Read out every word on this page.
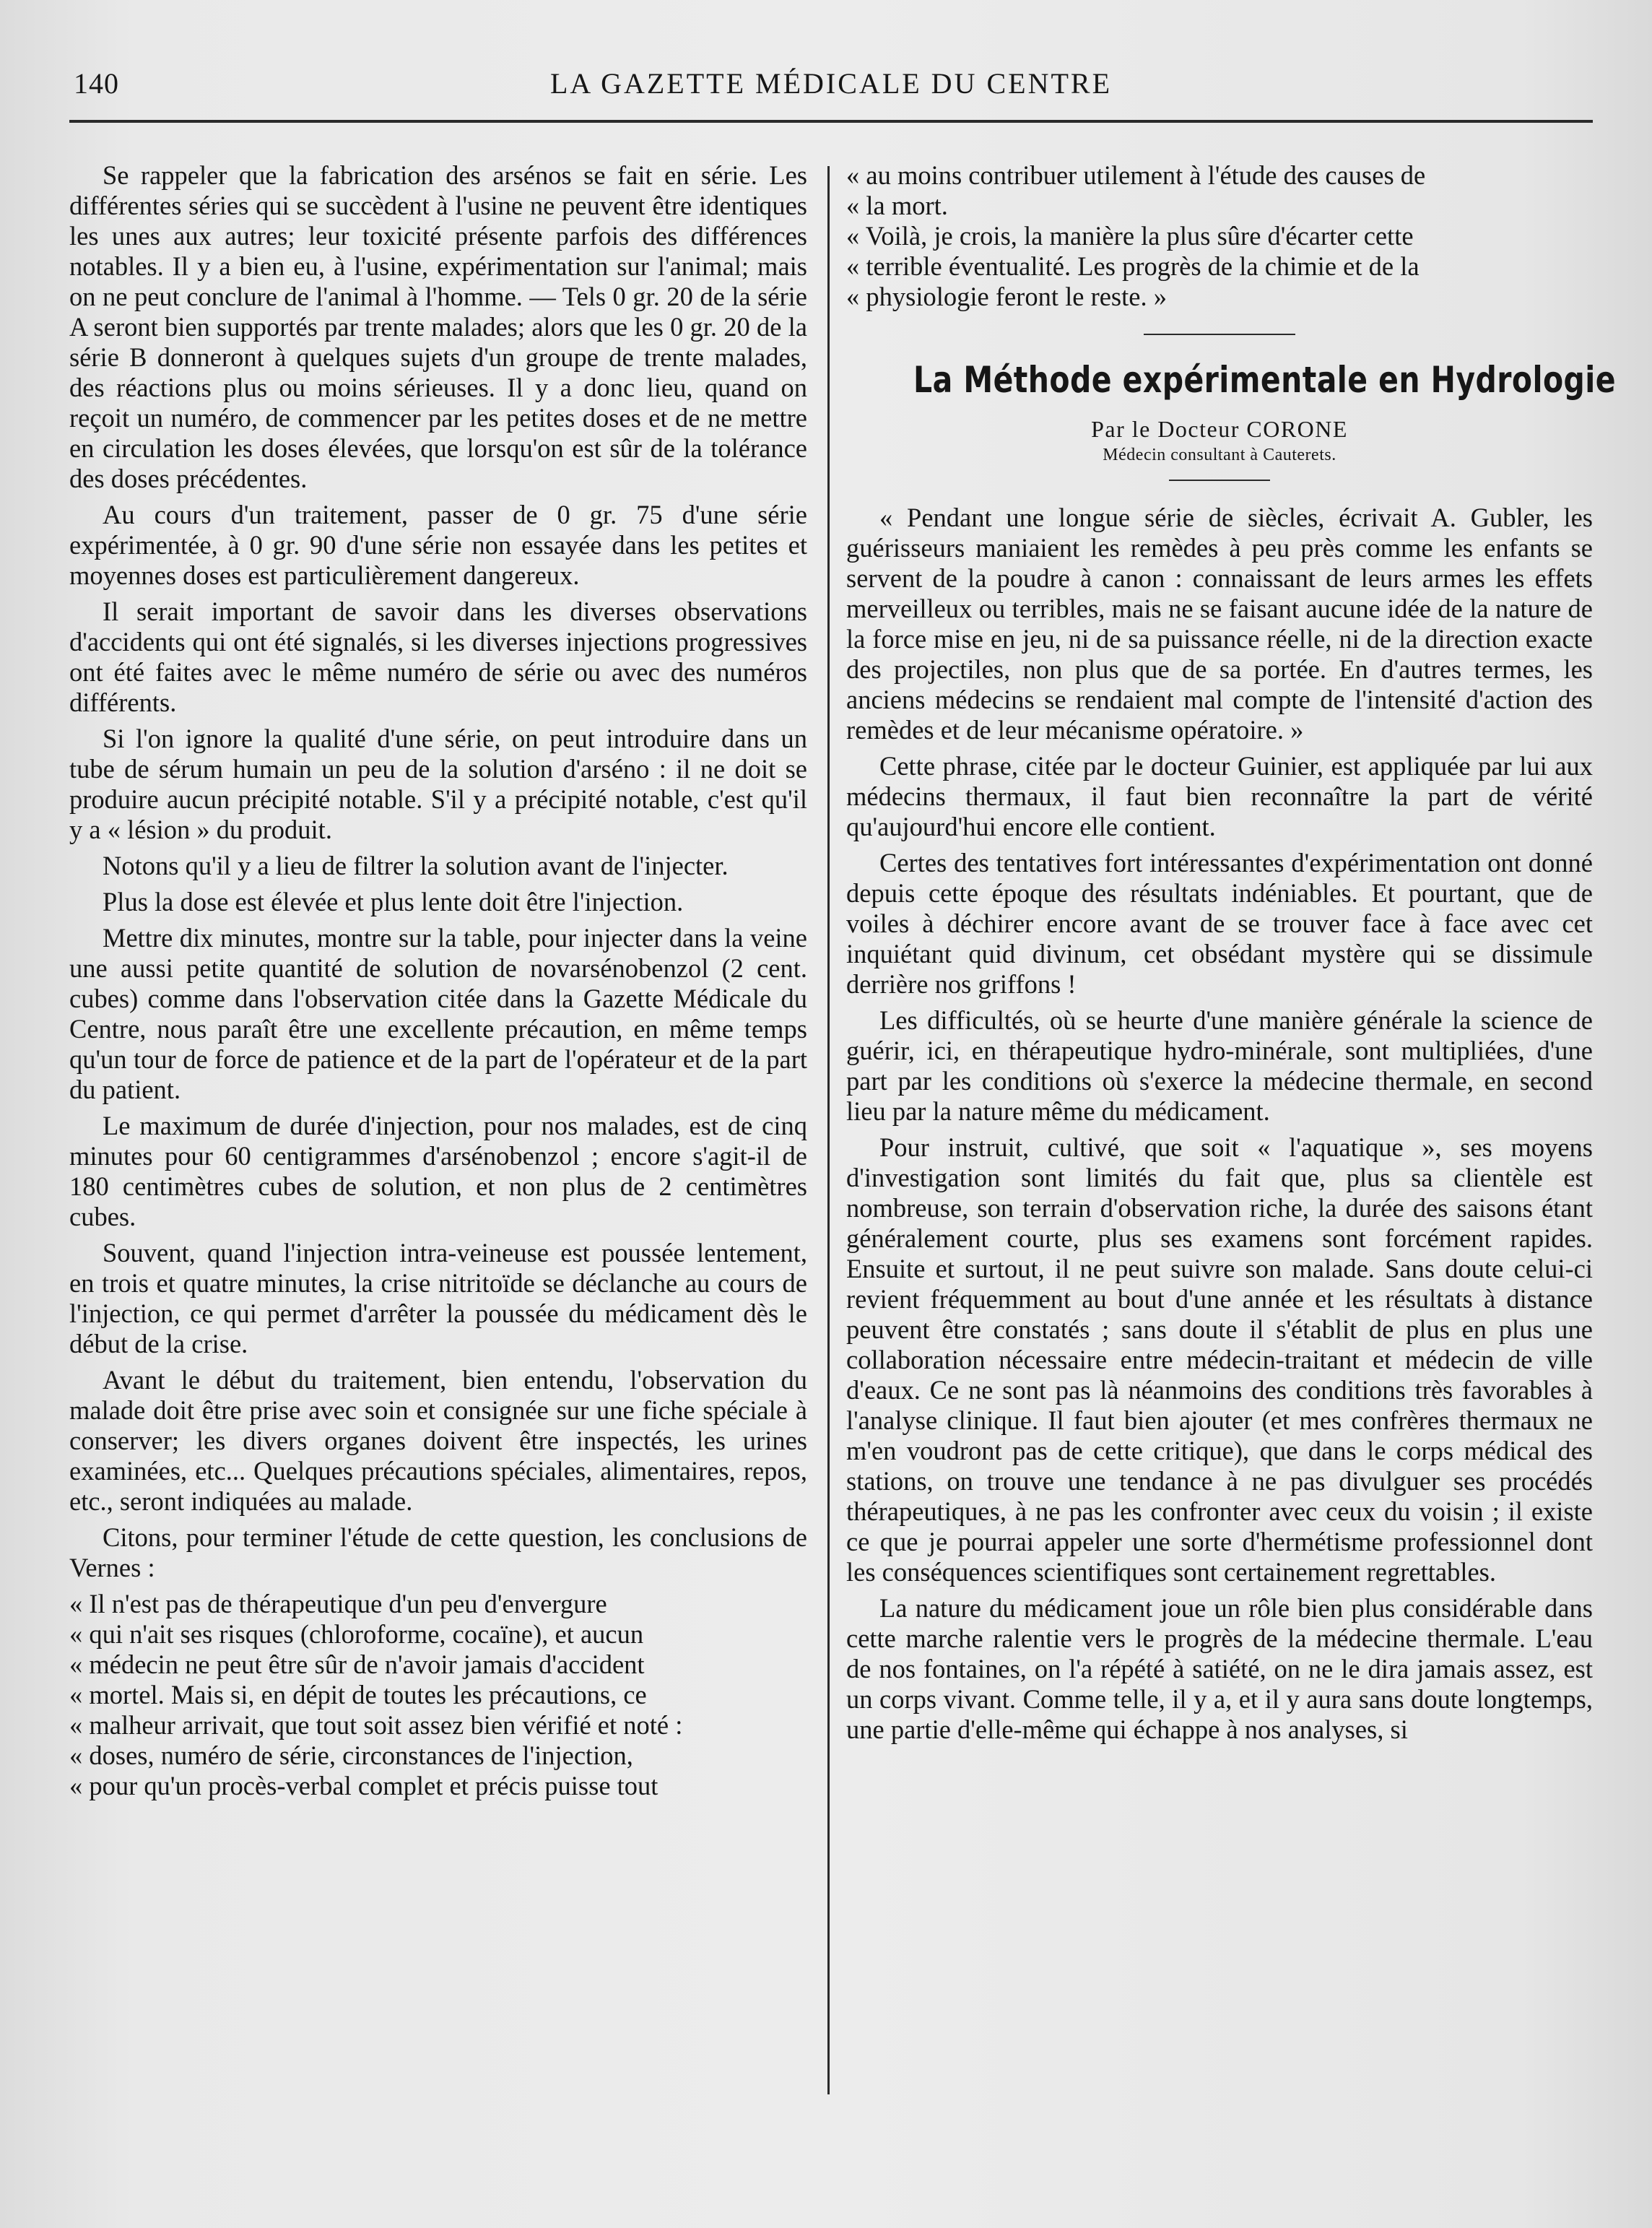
140	LA GAZETTE MÉDICALE DU CENTRE

Se rappeler que la fabrication des arsénos se fait en série. Les différentes séries qui se succèdent à l'usine ne peuvent être identiques les unes aux autres; leur toxicité présente parfois des différences notables. Il y a bien eu, à l'usine, expérimentation sur l'animal; mais on ne peut conclure de l'animal à l'homme. — Tels 0 gr. 20 de la série A seront bien supportés par trente malades; alors que les 0 gr. 20 de la série B donneront à quelques sujets d'un groupe de trente malades, des réactions plus ou moins sérieuses. Il y a donc lieu, quand on reçoit un numéro, de commencer par les petites doses et de ne mettre en circulation les doses élevées, que lorsqu'on est sûr de la tolérance des doses précédentes.

Au cours d'un traitement, passer de 0 gr. 75 d'une série expérimentée, à 0 gr. 90 d'une série non essayée dans les petites et moyennes doses est particulièrement dangereux.

Il serait important de savoir dans les diverses observations d'accidents qui ont été signalés, si les diverses injections progressives ont été faites avec le même numéro de série ou avec des numéros différents.

Si l'on ignore la qualité d'une série, on peut introduire dans un tube de sérum humain un peu de la solution d'arséno : il ne doit se produire aucun précipité notable. S'il y a précipité notable, c'est qu'il y a « lésion » du produit.

Notons qu'il y a lieu de filtrer la solution avant de l'injecter.

Plus la dose est élevée et plus lente doit être l'injection.

Mettre dix minutes, montre sur la table, pour injecter dans la veine une aussi petite quantité de solution de novarsénobenzol (2 cent. cubes) comme dans l'observation citée dans la Gazette Médicale du Centre, nous paraît être une excellente précaution, en même temps qu'un tour de force de patience et de la part de l'opérateur et de la part du patient.

Le maximum de durée d'injection, pour nos malades, est de cinq minutes pour 60 centigrammes d'arsénobenzol ; encore s'agit-il de 180 centimètres cubes de solution, et non plus de 2 centimètres cubes.

Souvent, quand l'injection intra-veineuse est poussée lentement, en trois et quatre minutes, la crise nitritoïde se déclanche au cours de l'injection, ce qui permet d'arrêter la poussée du médicament dès le début de la crise.

Avant le début du traitement, bien entendu, l'observation du malade doit être prise avec soin et consignée sur une fiche spéciale à conserver; les divers organes doivent être inspectés, les urines examinées, etc... Quelques précautions spéciales, alimentaires, repos, etc., seront indiquées au malade.

Citons, pour terminer l'étude de cette question, les conclusions de Vernes :

« Il n'est pas de thérapeutique d'un peu d'envergure

« qui n'ait ses risques (chloroforme, cocaïne), et aucun

« médecin ne peut être sûr de n'avoir jamais d'accident

« mortel. Mais si, en dépit de toutes les précautions, ce

« malheur arrivait, que tout soit assez bien vérifié et noté :

« doses, numéro de série, circonstances de l'injection,

« pour qu'un procès-verbal complet et précis puisse tout

« au moins contribuer utilement à l'étude des causes de

« la mort.

« Voilà, je crois, la manière la plus sûre d'écarter cette

« terrible éventualité. Les progrès de la chimie et de la

« physiologie feront le reste. »

La Méthode expérimentale en Hydrologie
Par le Docteur CORONE
Médecin consultant à Cauterets.

« Pendant une longue série de siècles, écrivait A. Gubler, les guérisseurs maniaient les remèdes à peu près comme les enfants se servent de la poudre à canon : connaissant de leurs armes les effets merveilleux ou terribles, mais ne se faisant aucune idée de la nature de la force mise en jeu, ni de sa puissance réelle, ni de la direction exacte des projectiles, non plus que de sa portée. En d'autres termes, les anciens médecins se rendaient mal compte de l'intensité d'action des remèdes et de leur mécanisme opératoire. »

Cette phrase, citée par le docteur Guinier, est appliquée par lui aux médecins thermaux, il faut bien reconnaître la part de vérité qu'aujourd'hui encore elle contient.

Certes des tentatives fort intéressantes d'expérimentation ont donné depuis cette époque des résultats indéniables. Et pourtant, que de voiles à déchirer encore avant de se trouver face à face avec cet inquiétant quid divinum, cet obsédant mystère qui se dissimule derrière nos griffons !

Les difficultés, où se heurte d'une manière générale la science de guérir, ici, en thérapeutique hydro-minérale, sont multipliées, d'une part par les conditions où s'exerce la médecine thermale, en second lieu par la nature même du médicament.

Pour instruit, cultivé, que soit « l'aquatique », ses moyens d'investigation sont limités du fait que, plus sa clientèle est nombreuse, son terrain d'observation riche, la durée des saisons étant généralement courte, plus ses examens sont forcément rapides. Ensuite et surtout, il ne peut suivre son malade. Sans doute celui-ci revient fréquemment au bout d'une année et les résultats à distance peuvent être constatés ; sans doute il s'établit de plus en plus une collaboration nécessaire entre médecin-traitant et médecin de ville d'eaux. Ce ne sont pas là néanmoins des conditions très favorables à l'analyse clinique. Il faut bien ajouter (et mes confrères thermaux ne m'en voudront pas de cette critique), que dans le corps médical des stations, on trouve une tendance à ne pas divulguer ses procédés thérapeutiques, à ne pas les confronter avec ceux du voisin ; il existe ce que je pourrai appeler une sorte d'hermétisme professionnel dont les conséquences scientifiques sont certainement regrettables.

La nature du médicament joue un rôle bien plus considérable dans cette marche ralentie vers le progrès de la médecine thermale. L'eau de nos fontaines, on l'a répété à satiété, on ne le dira jamais assez, est un corps vivant. Comme telle, il y a, et il y aura sans doute longtemps, une partie d'elle-même qui échappe à nos analyses, si
